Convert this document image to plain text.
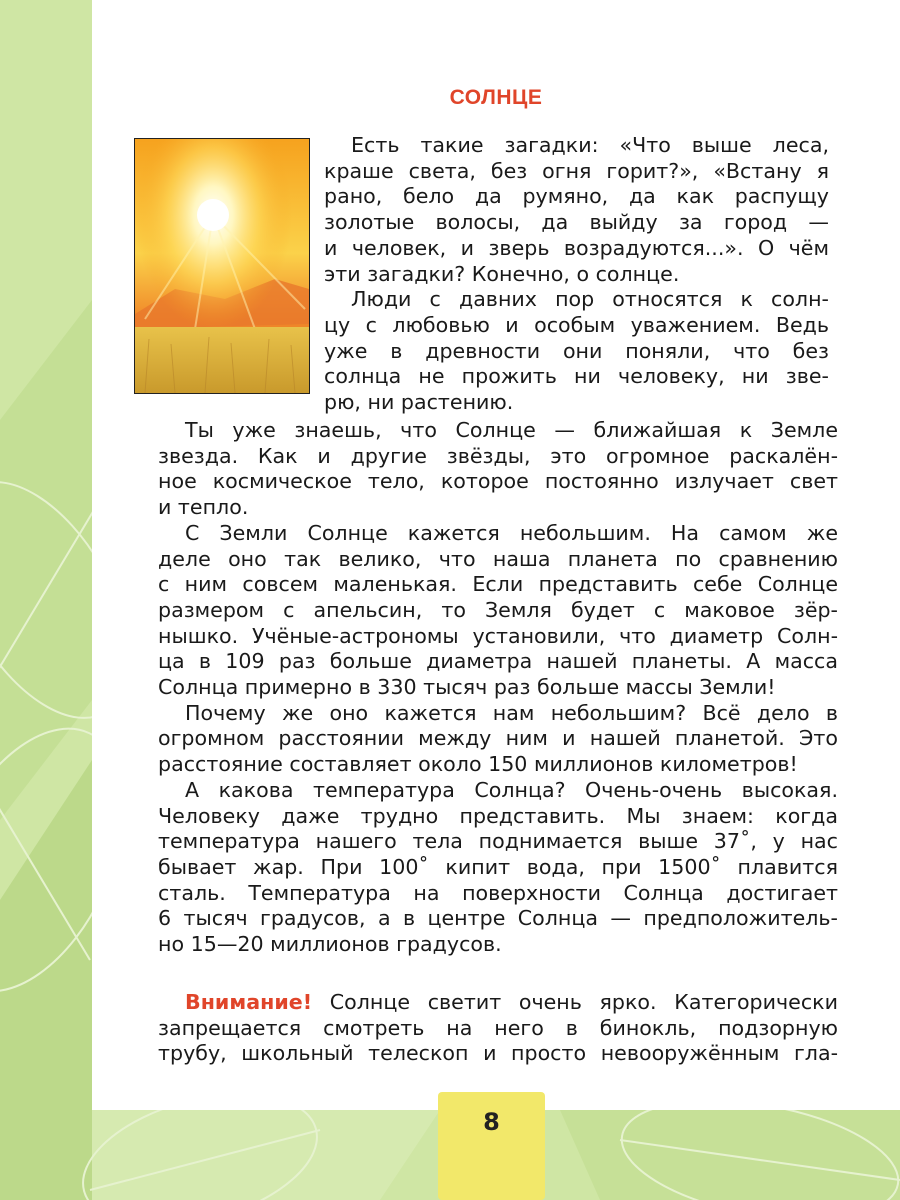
СОЛНЦЕ
Есть такие загадки: «Что выше леса,
краше света, без огня горит?», «Встану я
рано, бело да румяно, да как распущу
золотые волосы, да выйду за город —
и человек, и зверь возрадуются...». О чём
эти загадки? Конечно, о солнце.
Люди с давних пор относятся к солн-
цу с любовью и особым уважением. Ведь
уже в древности они поняли, что без
солнца не прожить ни человеку, ни зве-
рю, ни растению.
Ты уже знаешь, что Солнце — ближайшая к Земле
звезда. Как и другие звёзды, это огромное раскалён-
ное космическое тело, которое постоянно излучает свет
и тепло.
С Земли Солнце кажется небольшим. На самом же
деле оно так велико, что наша планета по сравнению
с ним совсем маленькая. Если представить себе Солнце
размером с апельсин, то Земля будет с маковое зёр-
нышко. Учёные-астрономы установили, что диаметр Солн-
ца в 109 раз больше диаметра нашей планеты. А масса
Солнца примерно в 330 тысяч раз больше массы Земли!
Почему же оно кажется нам небольшим? Всё дело в
огромном расстоянии между ним и нашей планетой. Это
расстояние составляет около 150 миллионов километров!
А какова температура Солнца? Очень-очень высокая.
Человеку даже трудно представить. Мы знаем: когда
температура нашего тела поднимается выше 37˚, у нас
бывает жар. При 100˚ кипит вода, при 1500˚ плавится
сталь. Температура на поверхности Солнца достигает
6 тысяч градусов, а в центре Солнца — предположитель-
но 15—20 миллионов градусов.
Внимание! Солнце светит очень ярко. Категорически
запрещается смотреть на него в бинокль, подзорную
трубу, школьный телескоп и просто невооружённым гла-
8
